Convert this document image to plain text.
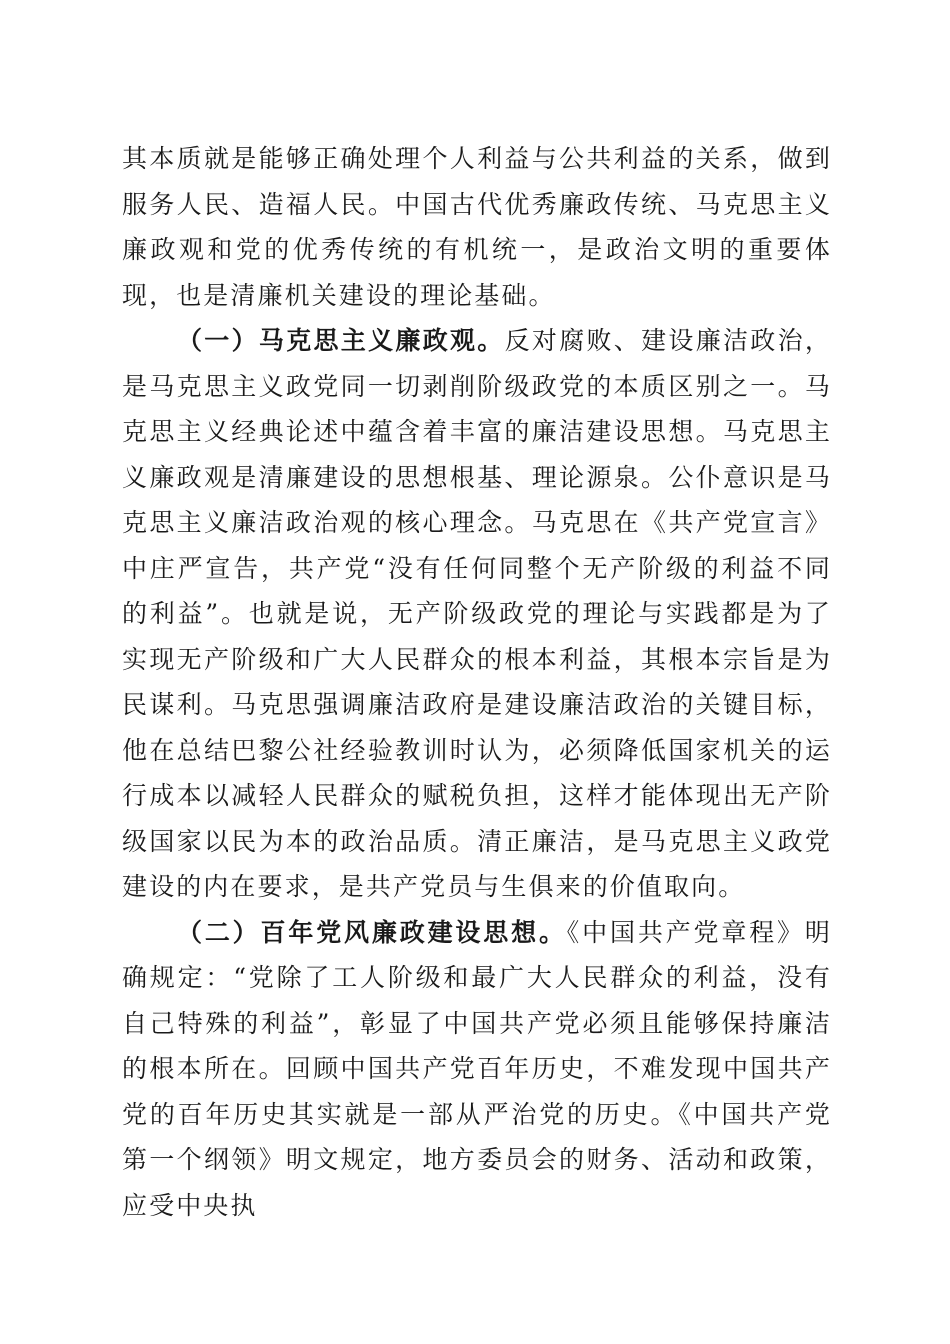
其本质就是能够正确处理个人利益与公共利益的关系，做到服务人民、造福人民。中国古代优秀廉政传统、马克思主义廉政观和党的优秀传统的有机统一，是政治文明的重要体现，也是清廉机关建设的理论基础。

（一）马克思主义廉政观。反对腐败、建设廉洁政治，是马克思主义政党同一切剥削阶级政党的本质区别之一。马克思主义经典论述中蕴含着丰富的廉洁建设思想。马克思主义廉政观是清廉建设的思想根基、理论源泉。公仆意识是马克思主义廉洁政治观的核心理念。马克思在《共产党宣言》中庄严宣告，共产党“没有任何同整个无产阶级的利益不同的利益”。也就是说，无产阶级政党的理论与实践都是为了实现无产阶级和广大人民群众的根本利益，其根本宗旨是为民谋利。马克思强调廉洁政府是建设廉洁政治的关键目标，他在总结巴黎公社经验教训时认为，必须降低国家机关的运行成本以减轻人民群众的赋税负担，这样才能体现出无产阶级国家以民为本的政治品质。清正廉洁，是马克思主义政党建设的内在要求，是共产党员与生俱来的价值取向。

（二）百年党风廉政建设思想。《中国共产党章程》明确规定：“党除了工人阶级和最广大人民群众的利益，没有自己特殊的利益”，彰显了中国共产党必须且能够保持廉洁的根本所在。回顾中国共产党百年历史，不难发现中国共产党的百年历史其实就是一部从严治党的历史。《中国共产党第一个纲领》明文规定，地方委员会的财务、活动和政策，应受中央执
